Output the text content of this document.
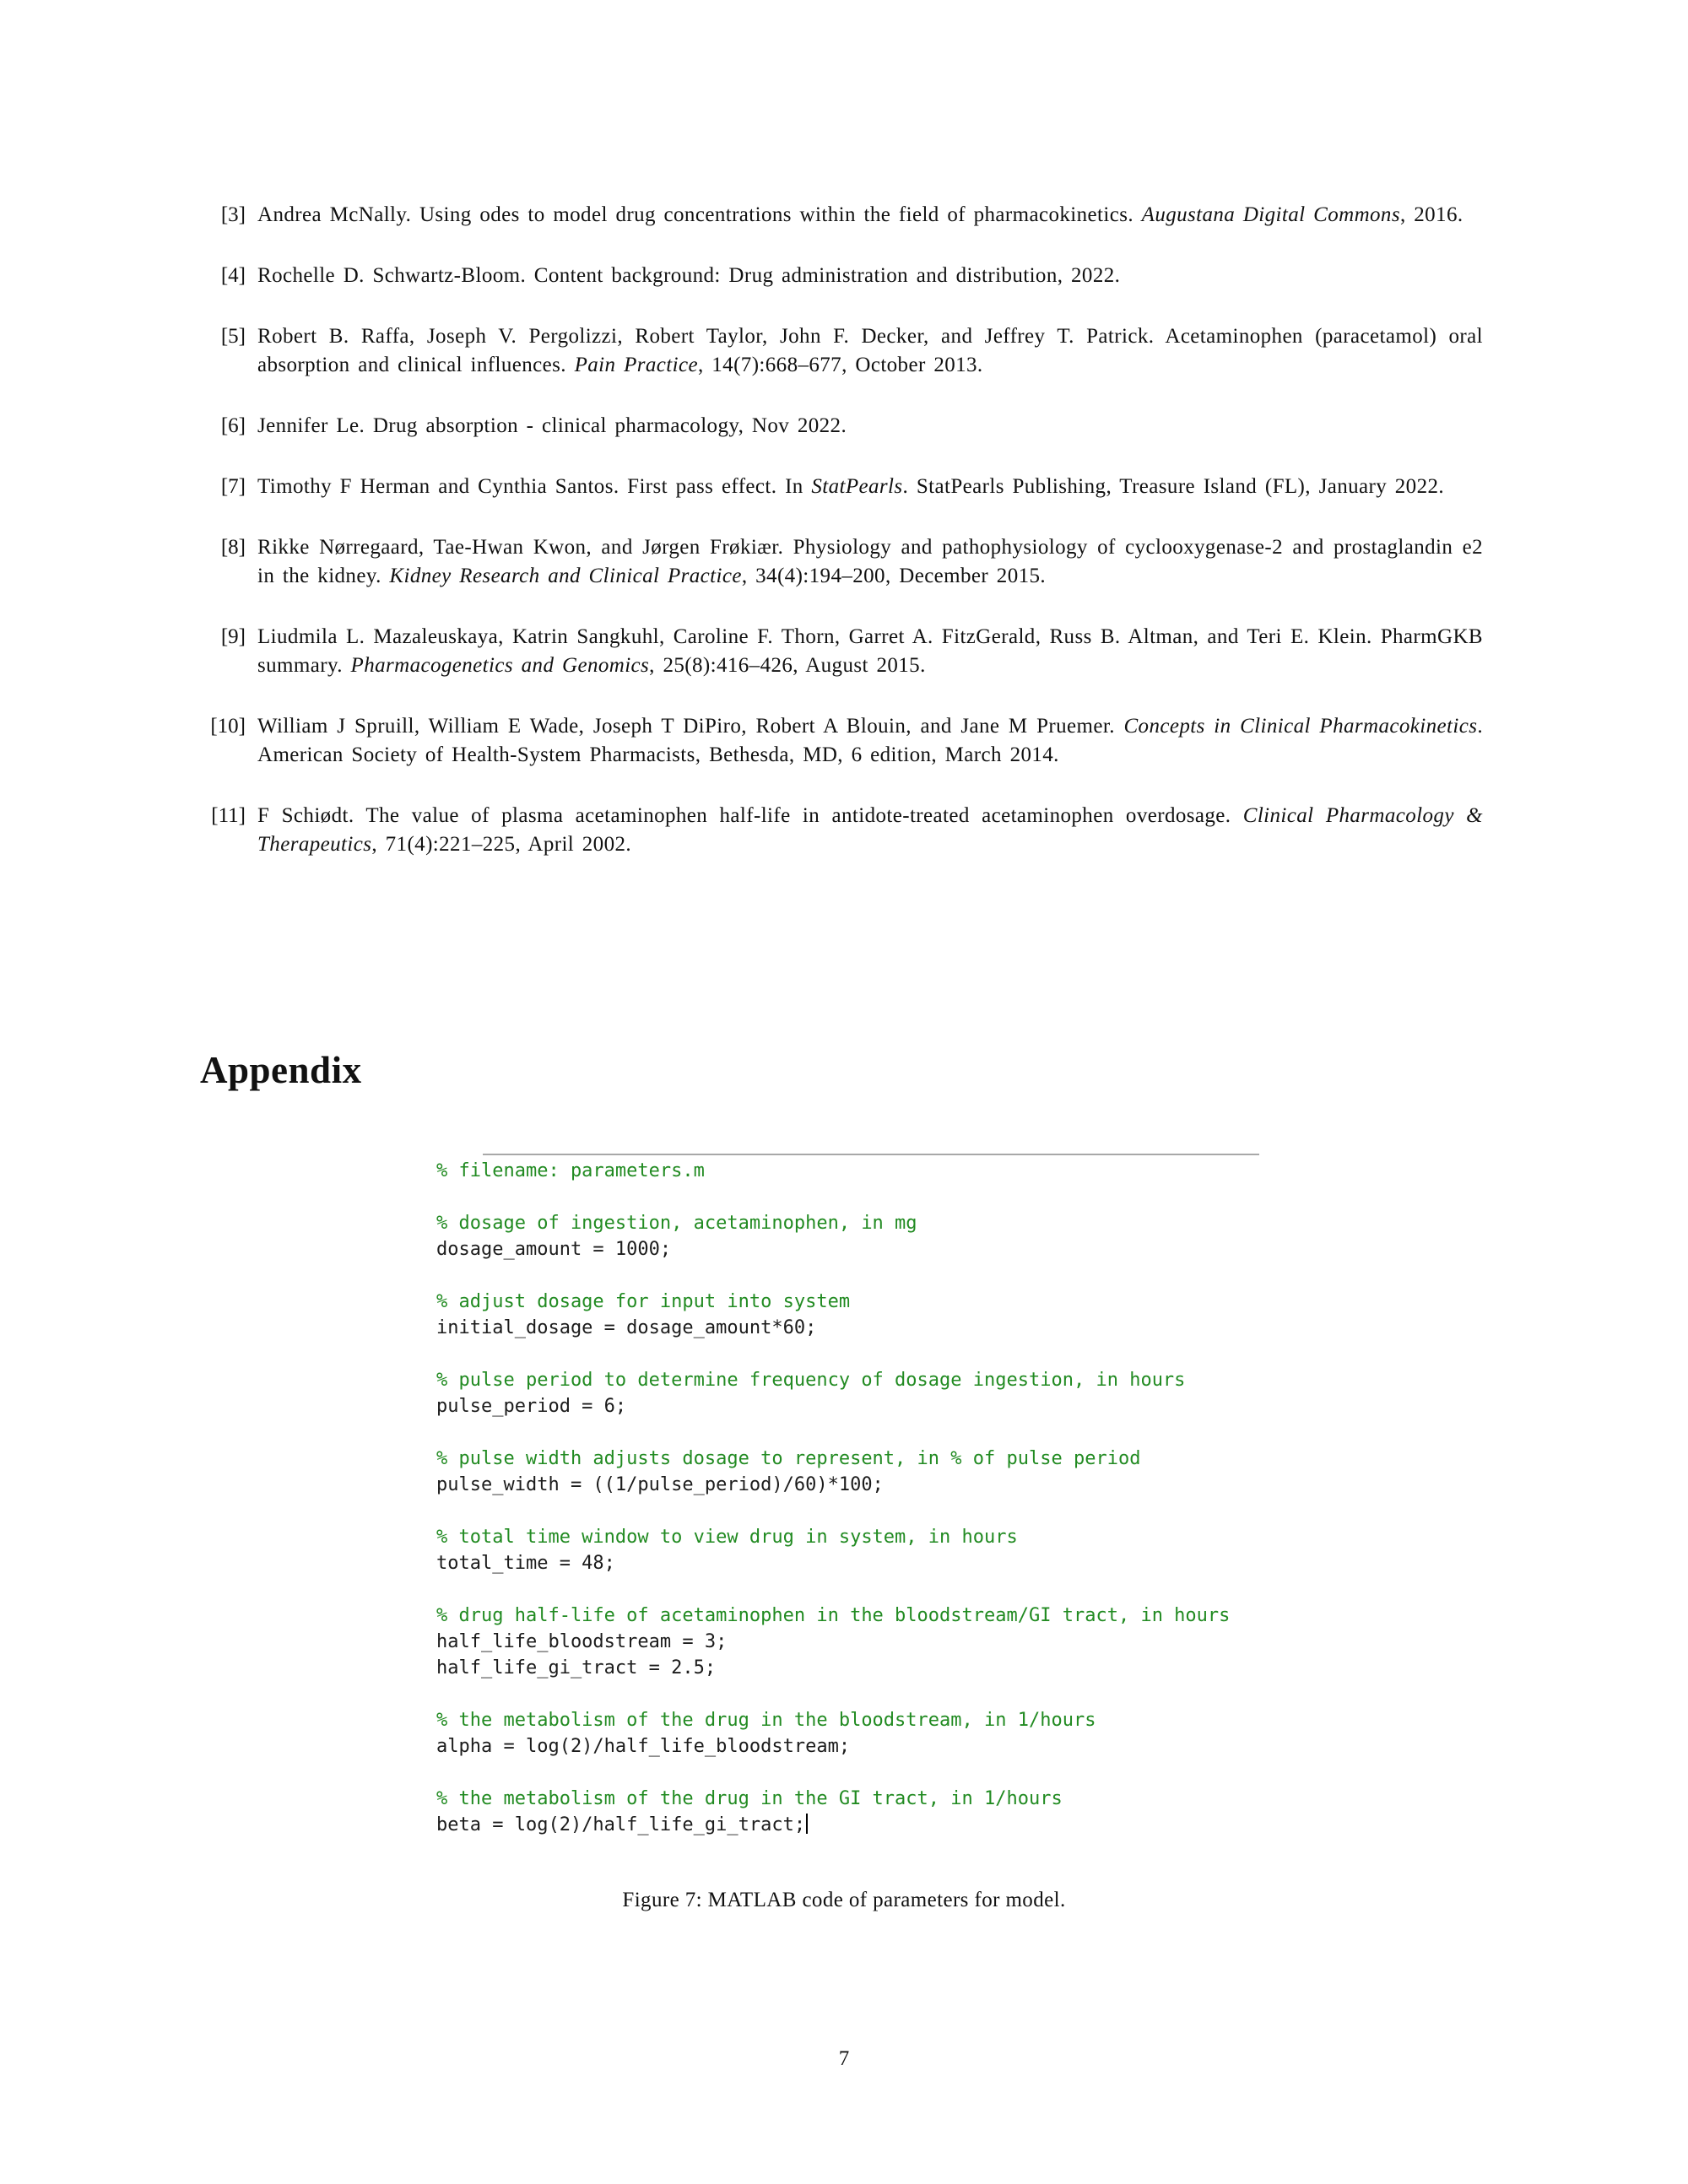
[3] Andrea McNally. Using odes to model drug concentrations within the field of pharmacokinetics. Augustana Digital Commons, 2016.
[4] Rochelle D. Schwartz-Bloom. Content background: Drug administration and distribution, 2022.
[5] Robert B. Raffa, Joseph V. Pergolizzi, Robert Taylor, John F. Decker, and Jeffrey T. Patrick. Acetaminophen (paracetamol) oral absorption and clinical influences. Pain Practice, 14(7):668–677, October 2013.
[6] Jennifer Le. Drug absorption - clinical pharmacology, Nov 2022.
[7] Timothy F Herman and Cynthia Santos. First pass effect. In StatPearls. StatPearls Publishing, Treasure Island (FL), January 2022.
[8] Rikke Nørregaard, Tae-Hwan Kwon, and Jørgen Frøkiær. Physiology and pathophysiology of cyclooxygenase-2 and prostaglandin e2 in the kidney. Kidney Research and Clinical Practice, 34(4):194–200, December 2015.
[9] Liudmila L. Mazaleuskaya, Katrin Sangkuhl, Caroline F. Thorn, Garret A. FitzGerald, Russ B. Altman, and Teri E. Klein. PharmGKB summary. Pharmacogenetics and Genomics, 25(8):416–426, August 2015.
[10] William J Spruill, William E Wade, Joseph T DiPiro, Robert A Blouin, and Jane M Pruemer. Concepts in Clinical Pharmacokinetics. American Society of Health-System Pharmacists, Bethesda, MD, 6 edition, March 2014.
[11] F Schiødt. The value of plasma acetaminophen half-life in antidote-treated acetaminophen overdosage. Clinical Pharmacology & Therapeutics, 71(4):221–225, April 2002.
Appendix
% filename: parameters.m

% dosage of ingestion, acetaminophen, in mg
dosage_amount = 1000;

% adjust dosage for input into system
initial_dosage = dosage_amount*60;

% pulse period to determine frequency of dosage ingestion, in hours
pulse_period = 6;

% pulse width adjusts dosage to represent, in % of pulse period
pulse_width = ((1/pulse_period)/60)*100;

% total time window to view drug in system, in hours
total_time = 48;

% drug half-life of acetaminophen in the bloodstream/GI tract, in hours
half_life_bloodstream = 3;
half_life_gi_tract = 2.5;

% the metabolism of the drug in the bloodstream, in 1/hours
alpha = log(2)/half_life_bloodstream;

% the metabolism of the drug in the GI tract, in 1/hours
beta = log(2)/half_life_gi_tract;
Figure 7: MATLAB code of parameters for model.
7
